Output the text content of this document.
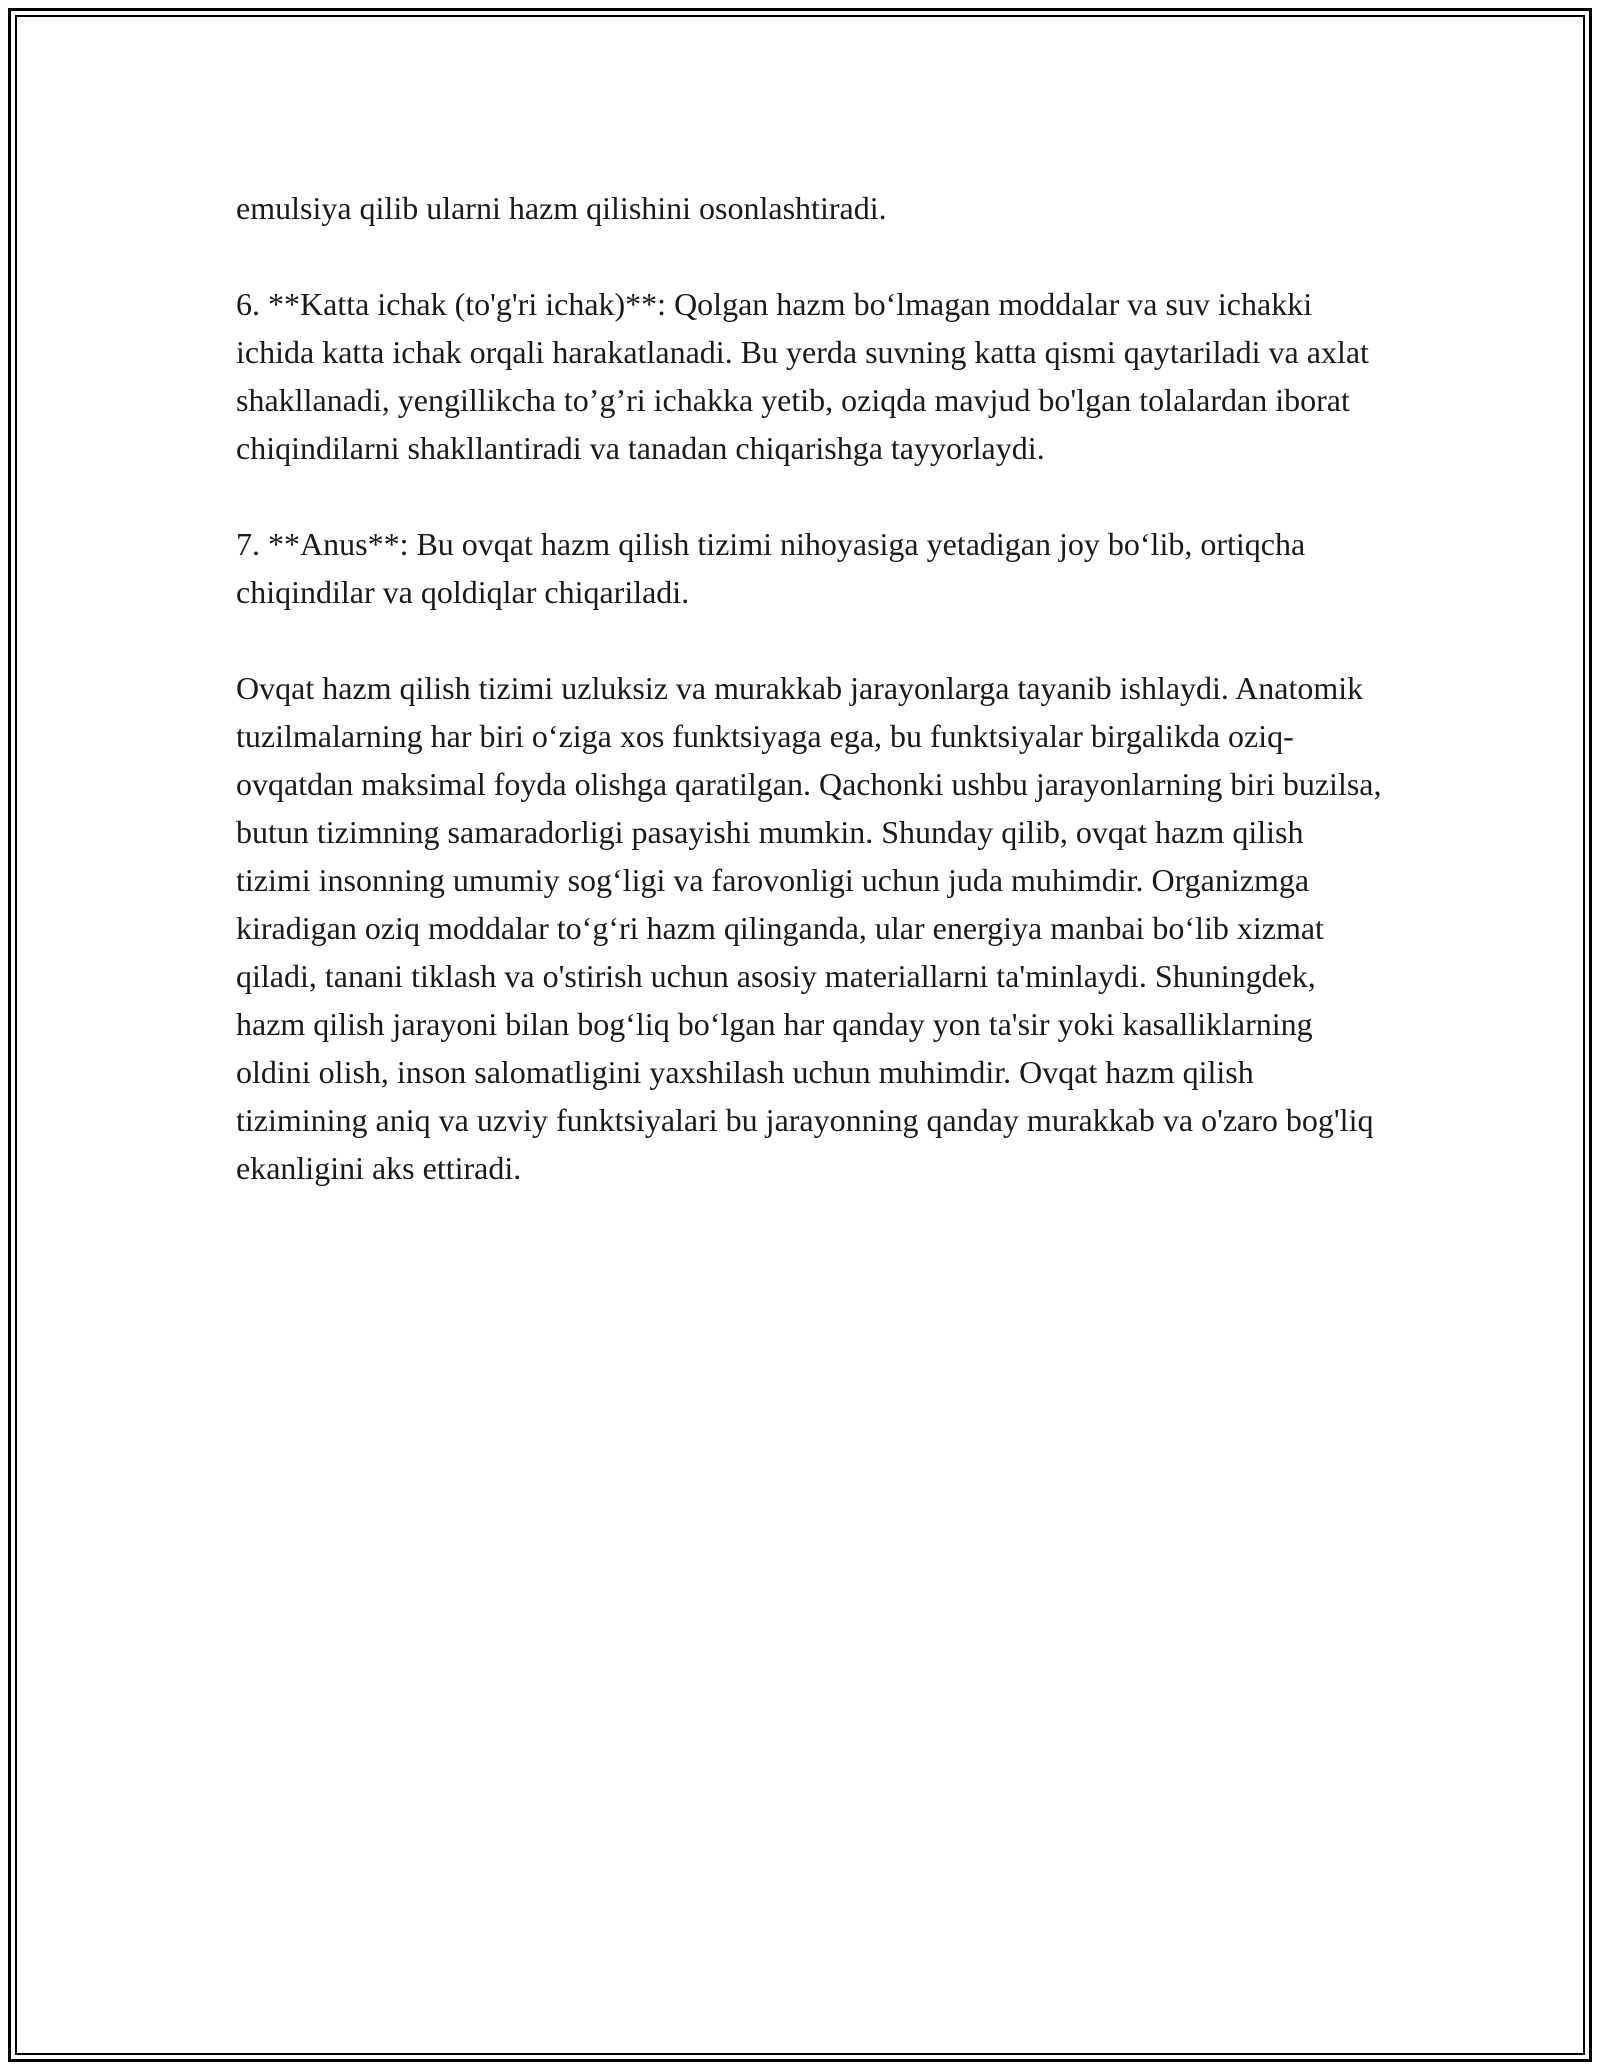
emulsiya qilib ularni hazm qilishini osonlashtiradi.

6. **Katta ichak (to'g'ri ichak)**: Qolgan hazm bo‘lmagan moddalar va suv ichakki ichida katta ichak orqali harakatlanadi. Bu yerda suvning katta qismi qaytariladi va axlat shakllanadi, yengillikcha to’g’ri ichakka yetib, oziqda mavjud bo'lgan tolalardan iborat chiqindilarni shakllantiradi va tanadan chiqarishga tayyorlaydi.

7. **Anus**: Bu ovqat hazm qilish tizimi nihoyasiga yetadigan joy bo‘lib, ortiqcha chiqindilar va qoldiqlar chiqariladi.

Ovqat hazm qilish tizimi uzluksiz va murakkab jarayonlarga tayanib ishlaydi. Anatomik tuzilmalarning har biri o‘ziga xos funktsiyaga ega, bu funktsiyalar birgalikda oziq-ovqatdan maksimal foyda olishga qaratilgan. Qachonki ushbu jarayonlarning biri buzilsa, butun tizimning samaradorligi pasayishi mumkin. Shunday qilib, ovqat hazm qilish tizimi insonning umumiy sog‘ligi va farovonligi uchun juda muhimdir. Organizmga kiradigan oziq moddalar to‘g‘ri hazm qilinganda, ular energiya manbai bo‘lib xizmat qiladi, tanani tiklash va o'stirish uchun asosiy materiallarni ta'minlaydi. Shuningdek, hazm qilish jarayoni bilan bog‘liq bo‘lgan har qanday yon ta'sir yoki kasalliklarning oldini olish, inson salomatligini yaxshilash uchun muhimdir. Ovqat hazm qilish tizimining aniq va uzviy funktsiyalari bu jarayonning qanday murakkab va o'zaro bog'liq ekanligini aks ettiradi.
